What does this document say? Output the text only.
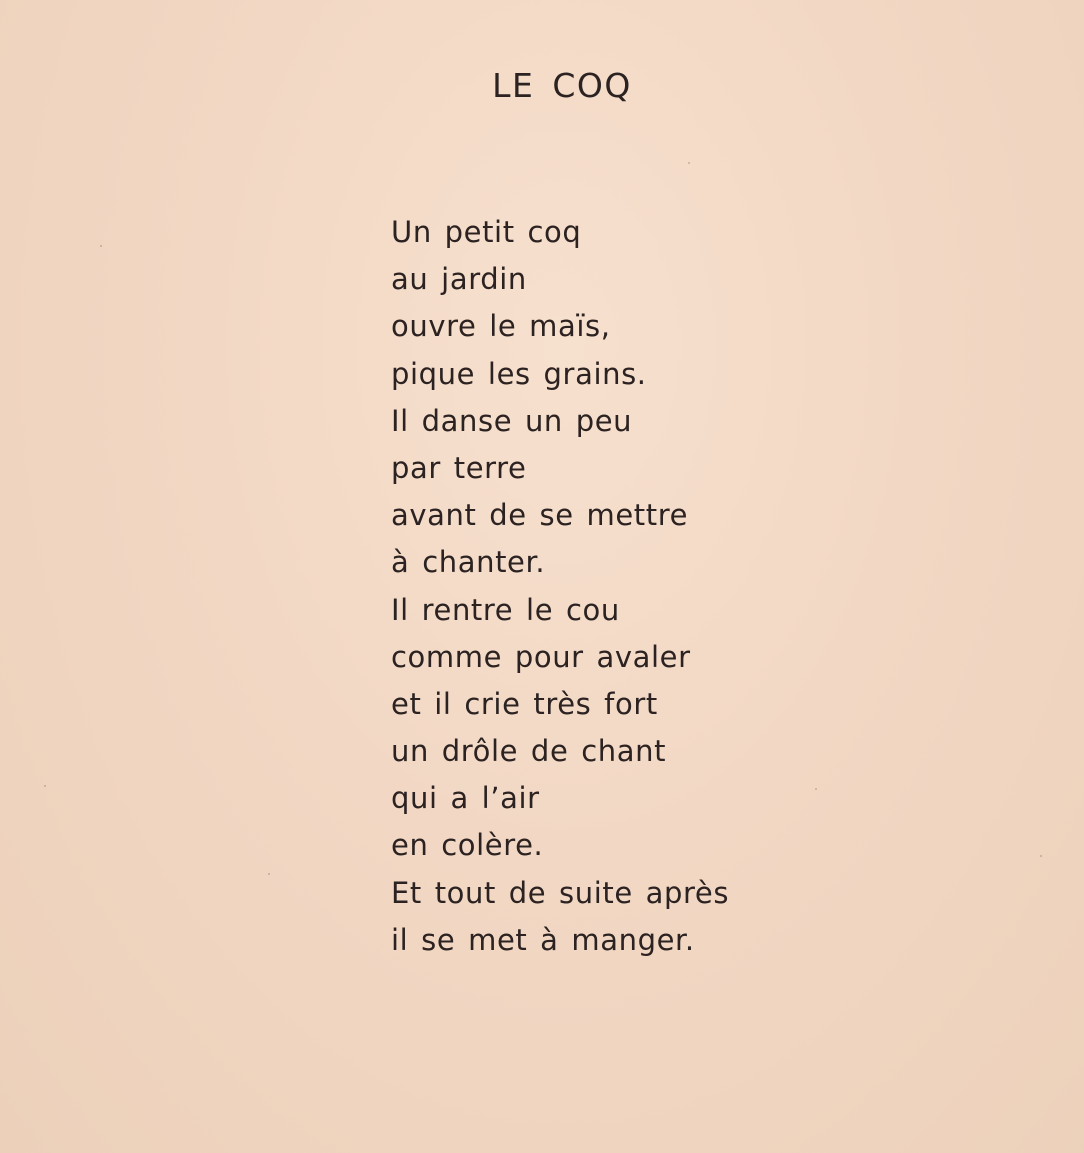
LE COQ
Un petit coq
au jardin
ouvre le maïs,
pique les grains.
Il danse un peu
par terre
avant de se mettre
à chanter.
Il rentre le cou
comme pour avaler
et il crie très fort
un drôle de chant
qui a l’air
en colère.
Et tout de suite après
il se met à manger.
